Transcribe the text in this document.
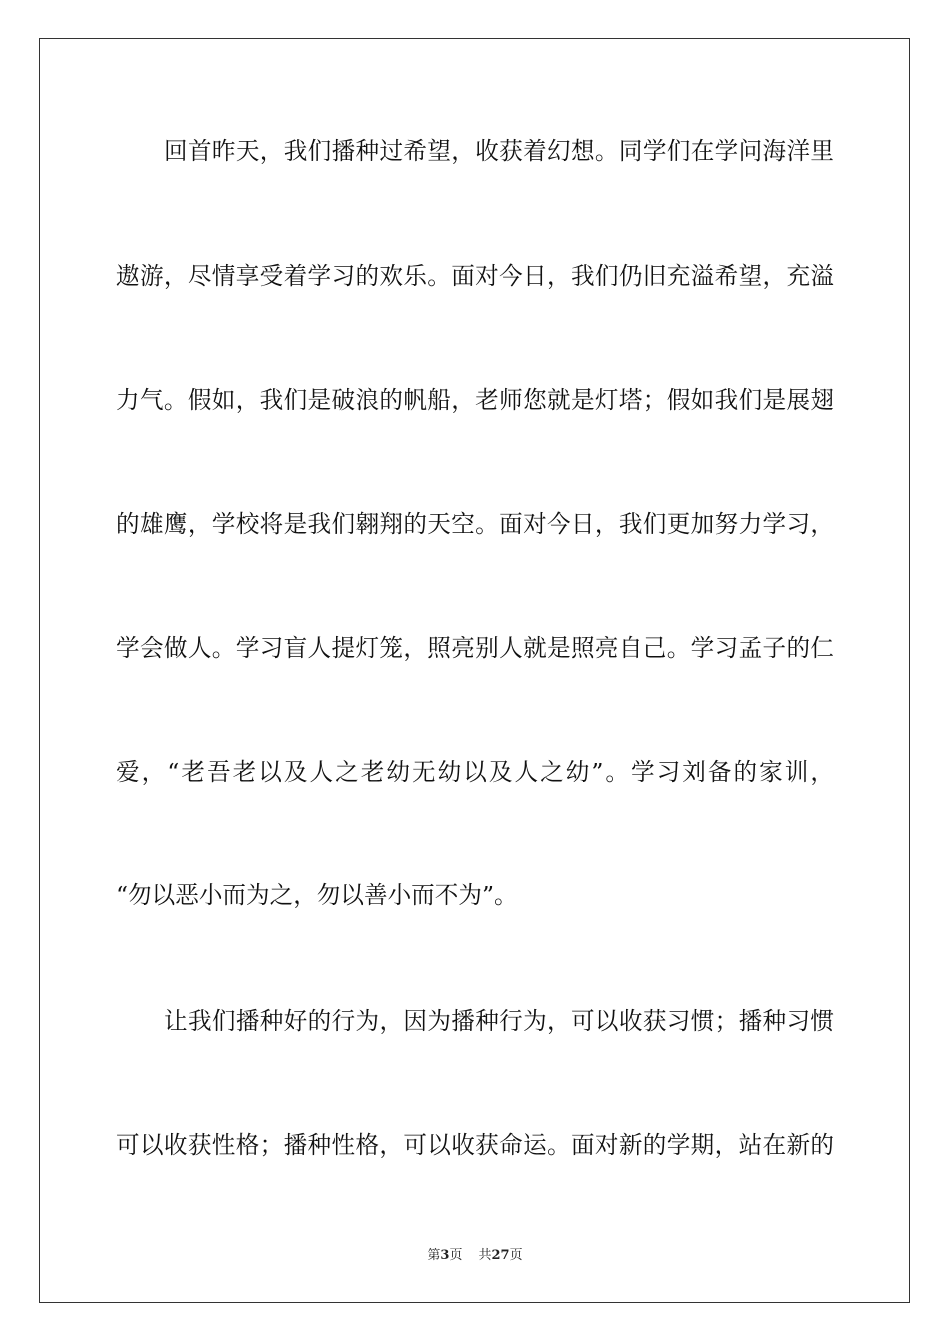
回首昨天，我们播种过希望，收获着幻想。同学们在学问海洋里
遨游，尽情享受着学习的欢乐。面对今日，我们仍旧充溢希望，充溢
力气。假如，我们是破浪的帆船，老师您就是灯塔；假如我们是展翅
的雄鹰，学校将是我们翱翔的天空。面对今日，我们更加努力学习，
学会做人。学习盲人提灯笼，照亮别人就是照亮自己。学习孟子的仁
爱，“老吾老以及人之老幼无幼以及人之幼”。学习刘备的家训，
“勿以恶小而为之，勿以善小而不为”。
让我们播种好的行为，因为播种行为，可以收获习惯；播种习惯
可以收获性格；播种性格，可以收获命运。面对新的学期，站在新的
第3页 共27页
